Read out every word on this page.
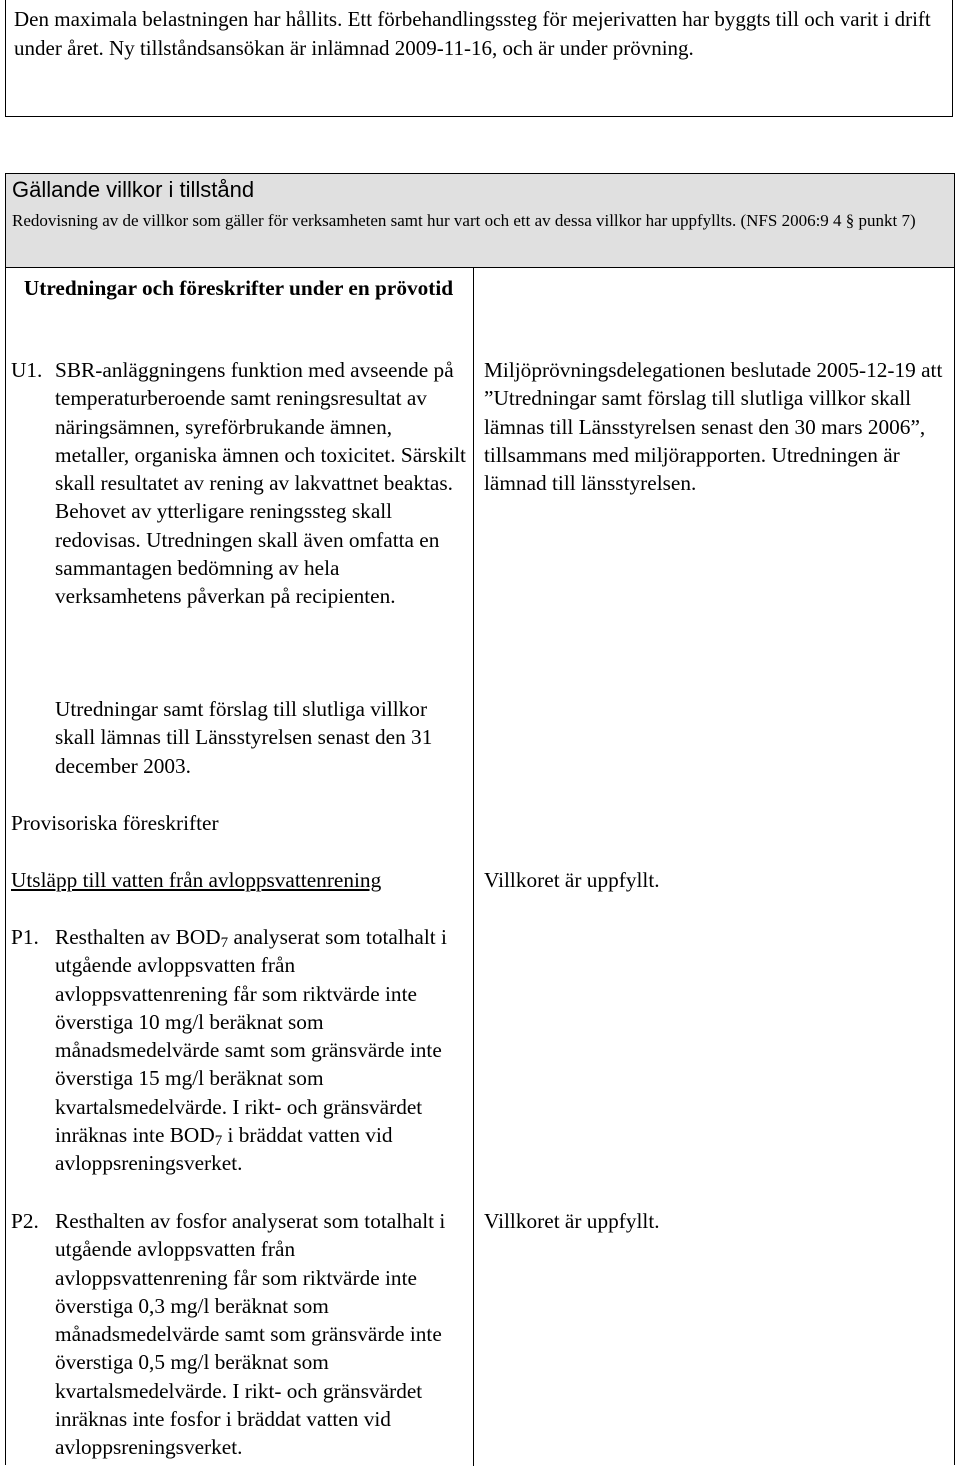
Den maximala belastningen har hållits. Ett förbehandlingssteg för mejerivatten har byggts till och varit i drift under året. Ny tillståndsansökan är inlämnad 2009-11-16, och är under prövning.

Gällande villkor i tillstånd

Redovisning av de villkor som gäller för verksamheten samt hur vart och ett av dessa villkor har uppfyllts. (NFS 2006:9 4 § punkt 7)

Utredningar och föreskrifter under en prövotid

U1. SBR-anläggningens funktion med avseende på temperaturberoende samt reningsresultat av näringsämnen, syreförbrukande ämnen, metaller, organiska ämnen och toxicitet. Särskilt skall resultatet av rening av lakvattnet beaktas. Behovet av ytterligare reningssteg skall redovisas. Utredningen skall även omfatta en sammantagen bedömning av hela verksamhetens påverkan på recipienten.

Utredningar samt förslag till slutliga villkor skall lämnas till Länsstyrelsen senast den 31 december 2003.

Miljöprövningsdelegationen beslutade 2005-12-19 att ”Utredningar samt förslag till slutliga villkor skall lämnas till Länsstyrelsen senast den 30 mars 2006”, tillsammans med miljörapporten. Utredningen är lämnad till länsstyrelsen.

Provisoriska föreskrifter

Utsläpp till vatten från avloppsvattenrening	Villkoret är uppfyllt.

P1. Resthalten av $BOD_7$ analyserat som totalhalt i utgående avloppsvatten från avloppsvattenrening får som riktvärde inte överstiga 10 mg/l beräknat som månadsmedelvärde samt som gränsvärde inte överstiga 15 mg/l beräknat som kvartalsmedelvärde. I rikt- och gränsvärdet inräknas inte $BOD_7$ i bräddat vatten vid avloppsreningsverket.
P2. Resthalten av fosfor analyserat som totalhalt i utgående avloppsvatten från avloppsvattenrening får som riktvärde inte överstiga 0,3 mg/l beräknat som månadsmedelvärde samt som gränsvärde inte överstiga 0,5 mg/l beräknat som kvartalsmedelvärde. I rikt- och gränsvärdet inräknas inte fosfor i bräddat vatten vid avloppsreningsverket.

Villkoret är uppfyllt.
